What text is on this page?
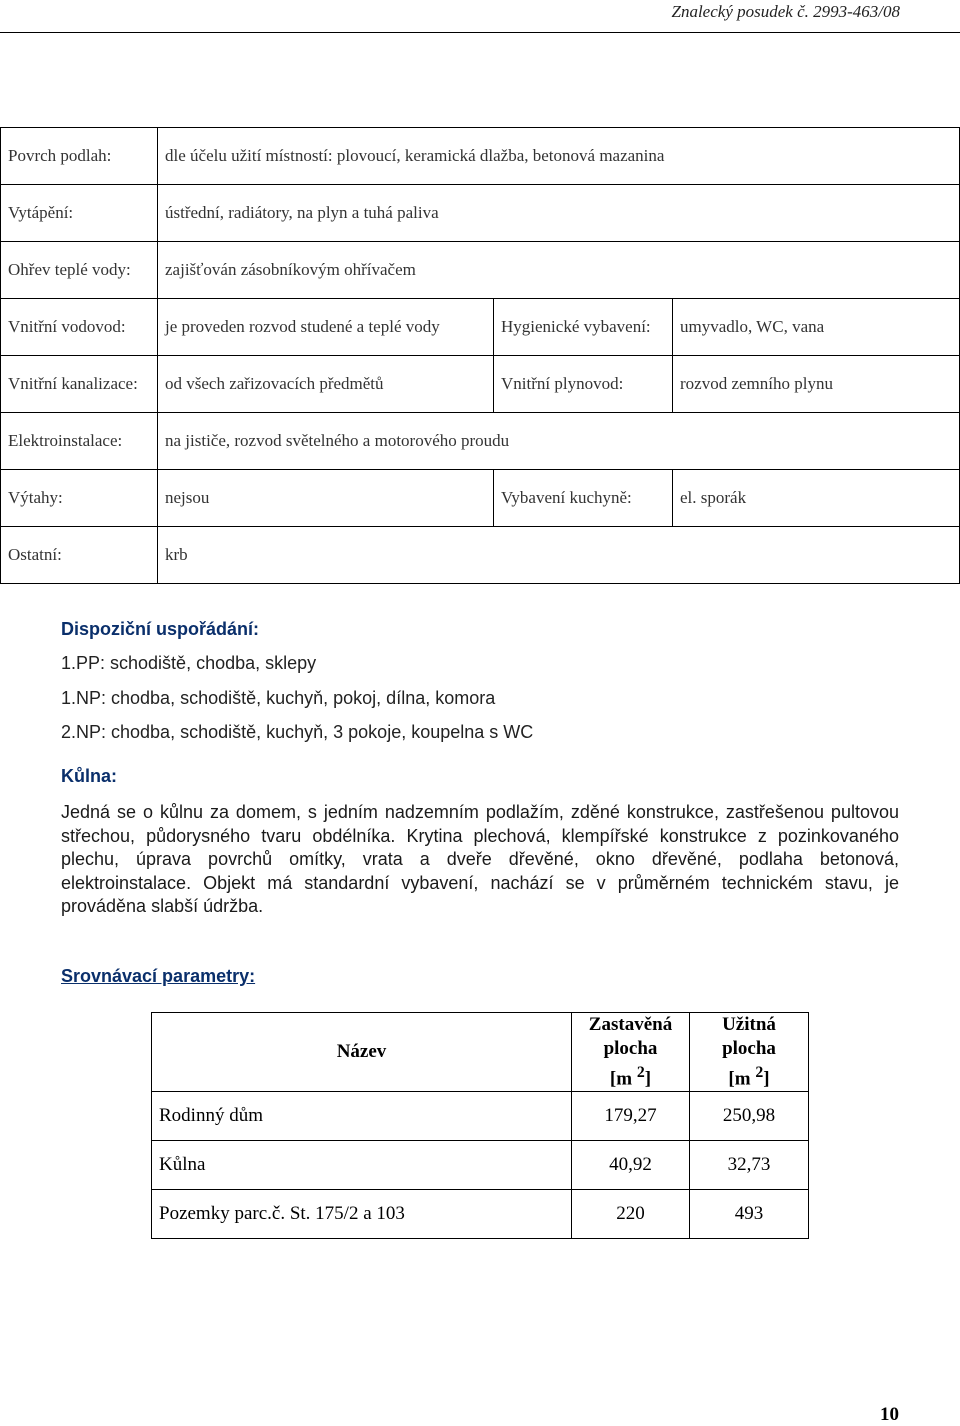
Znalecký posudek č. 2993-463/08
Povrch podlah:	dle účelu užití místností: plovoucí, keramická dlažba, betonová mazanina		
Vytápění:	ústřední, radiátory, na plyn a tuhá paliva		
Ohřev teplé vody:	zajišťován zásobníkovým ohřívačem		
Vnitřní vodovod:	je proveden rozvod studené a teplé vody	Hygienické vybavení:	umyvadlo, WC, vana
Vnitřní kanalizace:	od všech zařizovacích předmětů	Vnitřní plynovod:	rozvod zemního plynu
Elektroinstalace:	na jističe, rozvod světelného a motorového proudu		
Výtahy:	nejsou	Vybavení kuchyně:	el. sporák
Ostatní:	krb		
Dispoziční uspořádání:
1.PP: schodiště, chodba, sklepy
1.NP: chodba, schodiště, kuchyň, pokoj, dílna, komora
2.NP: chodba, schodiště, kuchyň, 3 pokoje, koupelna s WC
Kůlna:

Jedná se o kůlnu za domem, s jedním nadzemním podlažím, zděné konstrukce, zastřešenou pultovou střechou, půdorysného tvaru obdélníka. Krytina plechová, klempířské konstrukce z pozinkovaného plechu, úprava povrchů omítky, vrata a dveře dřevěné, okno dřevěné, podlaha betonová, elektroinstalace. Objekt má standardní vybavení, nachází se v průměrném technickém stavu, je prováděna slabší údržba.

Srovnávací parametry:
Název	Zastavěná
plocha
[m $^2$]	Užitná
plocha
[m $^2$]
Rodinný dům	179,27	250,98
Kůlna	40,92	32,73
Pozemky parc.č. St. 175/2 a 103	220	493
10
